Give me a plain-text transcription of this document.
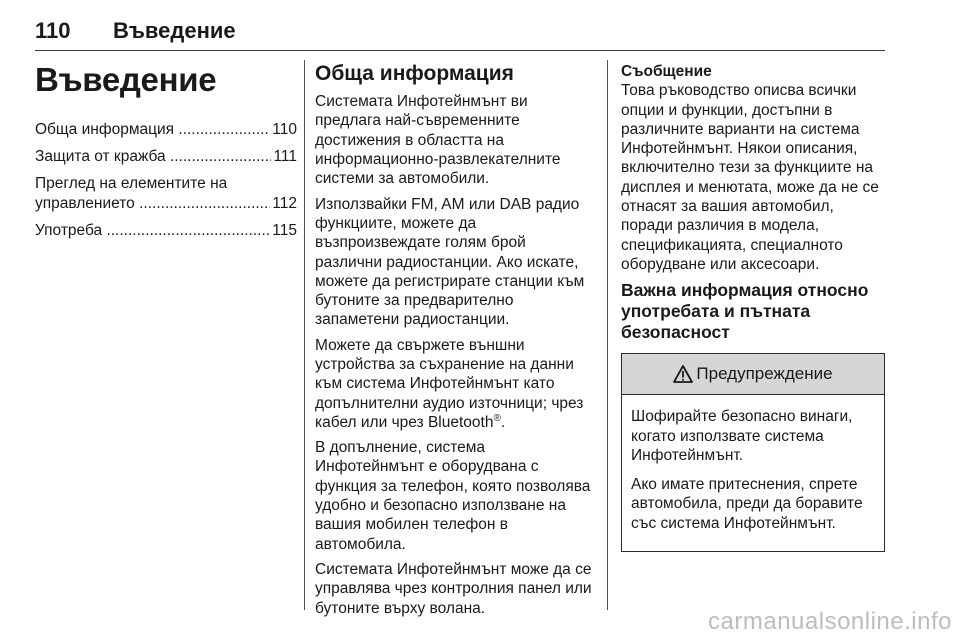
110 Въведение
Въведение
Обща информация .....	110
Защита от кражба .....	111
Преглед на елементите на
управлението .....	112
Употреба .....	115
Обща информация

Системата Инфотейнмънт ви предлага най-съвременните достижения в областта на информационно-развлекателните системи за автомобили.

Използвайки FM, AM или DAB радио функциите, можете да възпроизвеждате голям брой различни радиостанции. Ако искате, можете да регистрирате станции към бутоните за предварително запаметени радиостанции.

Можете да свържете външни устройства за съхранение на данни към система Инфотейнмънт като допълнителни аудио източници; чрез кабел или чрез Bluetooth®.

В допълнение, система Инфотейнмънт е оборудвана с функция за телефон, която позволява удобно и безопасно използване на вашия мобилен телефон в автомобила.

Системата Инфотейнмънт може да се управлява чрез контролния панел или бутоните върху волана.

Съобщение

Това ръководство описва всички опции и функции, достъпни в различните варианти на система Инфотейнмънт. Някои описания, включително тези за функциите на дисплея и менютата, може да не се отнасят за вашия автомобил, поради различия в модела, спецификацията, специалното оборудване или аксесоари.

Важна информация относно употребата и пътната безопасност
Предупреждение

Шофирайте безопасно винаги, когато използвате система Инфотейнмънт.

Ако имате притеснения, спрете автомобила, преди да боравите със система Инфотейнмънт.

carmanualsonline.info
